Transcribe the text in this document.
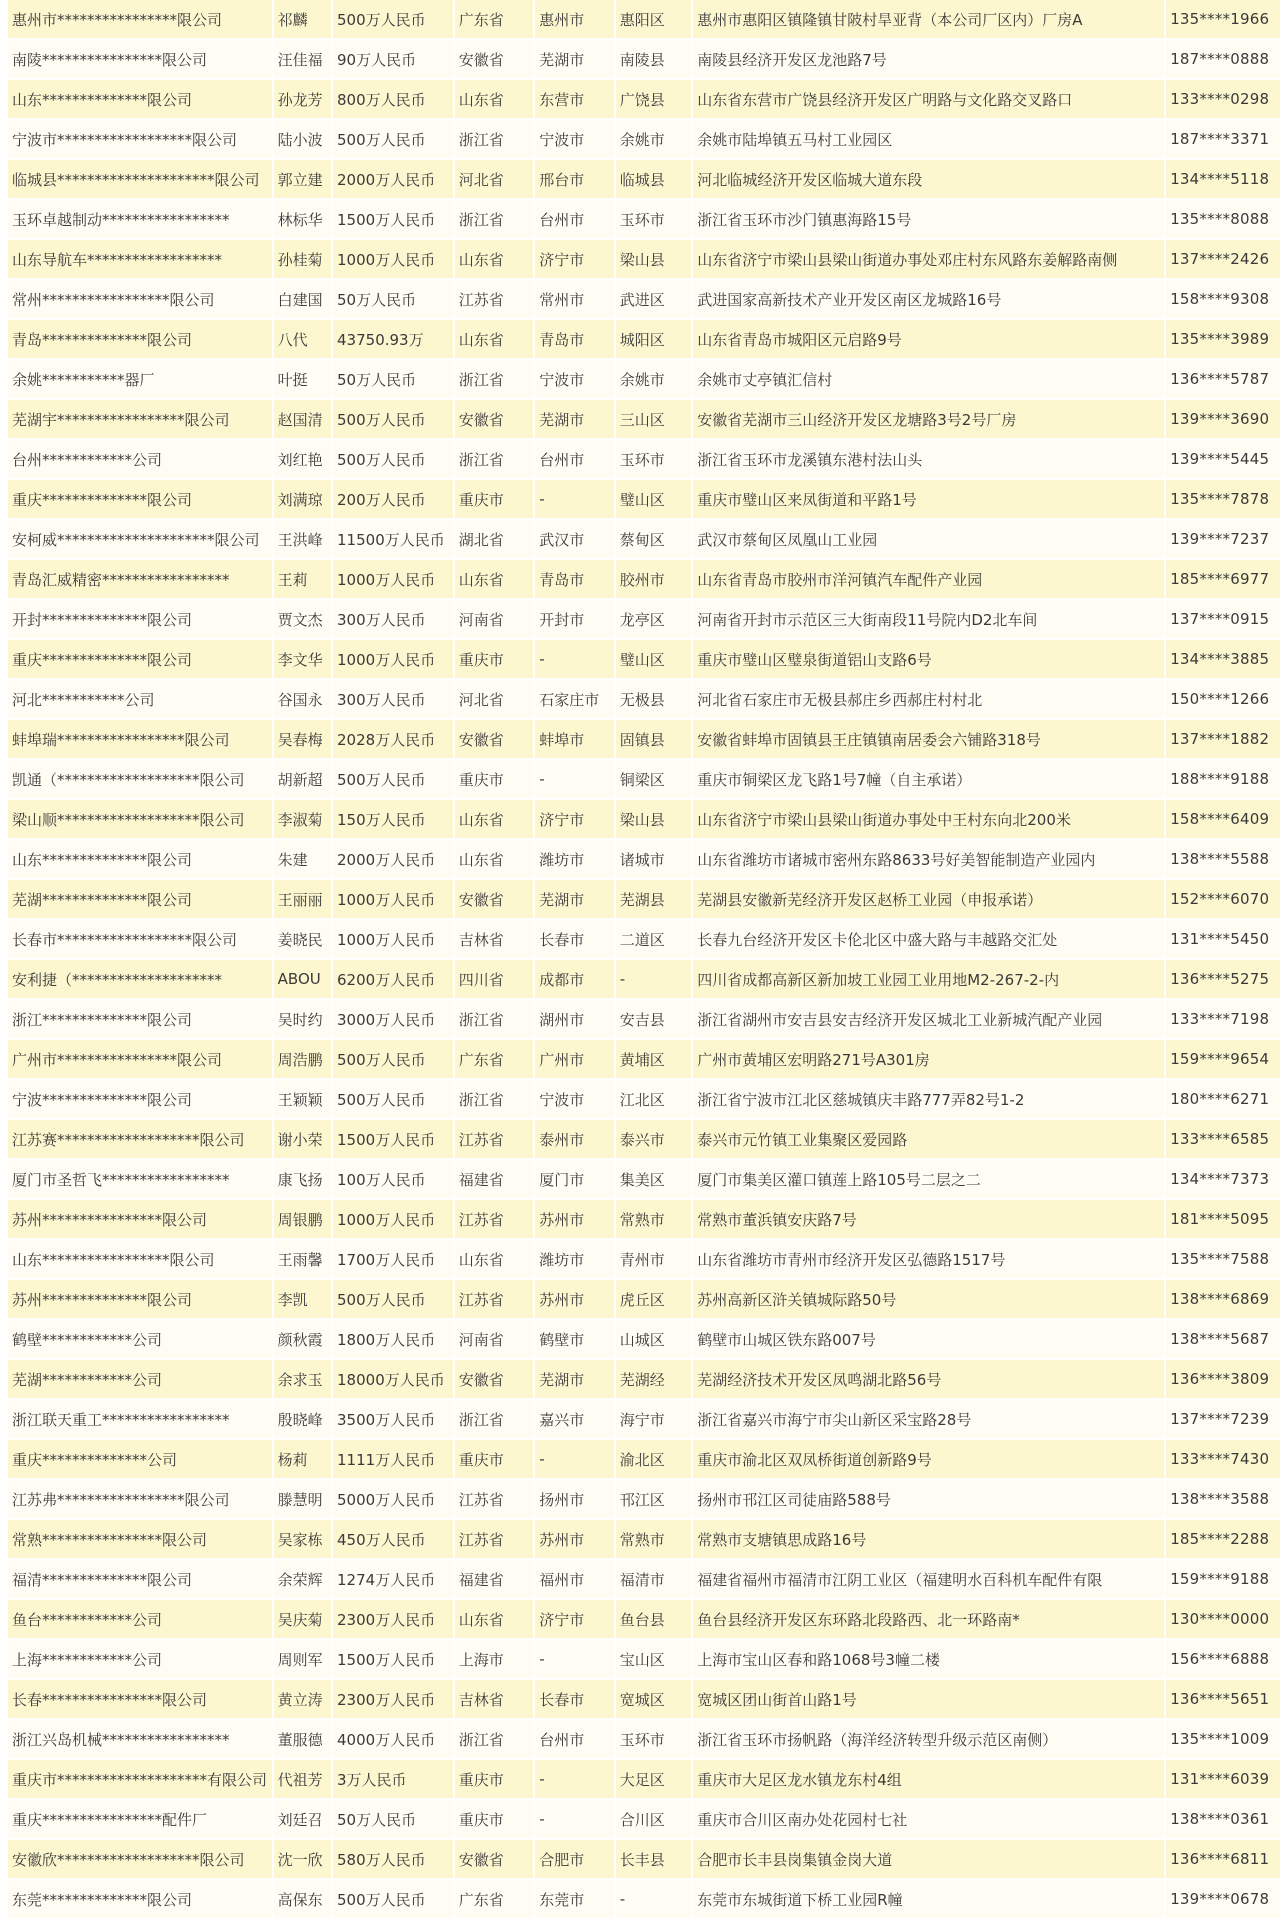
惠州市****************限公司	祁麟	500万人民币	广东省	惠州市	惠阳区	惠州市惠阳区镇隆镇甘陂村旱亚背（本公司厂区内）厂房A	135****1966
南陵****************限公司	汪佳福	90万人民币	安徽省	芜湖市	南陵县	南陵县经济开发区龙池路7号	187****0888
山东**************限公司	孙龙芳	800万人民币	山东省	东营市	广饶县	山东省东营市广饶县经济开发区广明路与文化路交叉路口	133****0298
宁波市******************限公司	陆小波	500万人民币	浙江省	宁波市	余姚市	余姚市陆埠镇五马村工业园区	187****3371
临城县*********************限公司	郭立建	2000万人民币	河北省	邢台市	临城县	河北临城经济开发区临城大道东段	134****5118
玉环卓越制动*****************	林标华	1500万人民币	浙江省	台州市	玉环市	浙江省玉环市沙门镇惠海路15号	135****8088
山东导航车******************	孙桂菊	1000万人民币	山东省	济宁市	梁山县	山东省济宁市梁山县梁山街道办事处邓庄村东风路东姜解路南侧	137****2426
常州*****************限公司	白建国	50万人民币	江苏省	常州市	武进区	武进国家高新技术产业开发区南区龙城路16号	158****9308
青岛**************限公司	八代	43750.93万	山东省	青岛市	城阳区	山东省青岛市城阳区元启路9号	135****3989
余姚***********器厂	叶挺	50万人民币	浙江省	宁波市	余姚市	余姚市丈亭镇汇信村	136****5787
芜湖宇*****************限公司	赵国清	500万人民币	安徽省	芜湖市	三山区	安徽省芜湖市三山经济开发区龙塘路3号2号厂房	139****3690
台州************公司	刘红艳	500万人民币	浙江省	台州市	玉环市	浙江省玉环市龙溪镇东港村法山头	139****5445
重庆**************限公司	刘满琼	200万人民币	重庆市	-	璧山区	重庆市璧山区来凤街道和平路1号	135****7878
安柯威*********************限公司	王洪峰	11500万人民币	湖北省	武汉市	蔡甸区	武汉市蔡甸区凤凰山工业园	139****7237
青岛汇威精密*****************	王莉	1000万人民币	山东省	青岛市	胶州市	山东省青岛市胶州市洋河镇汽车配件产业园	185****6977
开封**************限公司	贾文杰	300万人民币	河南省	开封市	龙亭区	河南省开封市示范区三大街南段11号院内D2北车间	137****0915
重庆**************限公司	李文华	1000万人民币	重庆市	-	璧山区	重庆市璧山区璧泉街道铝山支路6号	134****3885
河北***********公司	谷国永	300万人民币	河北省	石家庄市	无极县	河北省石家庄市无极县郝庄乡西郝庄村村北	150****1266
蚌埠瑞*****************限公司	吴春梅	2028万人民币	安徽省	蚌埠市	固镇县	安徽省蚌埠市固镇县王庄镇镇南居委会六铺路318号	137****1882
凯通（*******************限公司	胡新超	500万人民币	重庆市	-	铜梁区	重庆市铜梁区龙飞路1号7幢（自主承诺）	188****9188
梁山顺*******************限公司	李淑菊	150万人民币	山东省	济宁市	梁山县	山东省济宁市梁山县梁山街道办事处中王村东向北200米	158****6409
山东**************限公司	朱建	2000万人民币	山东省	潍坊市	诸城市	山东省潍坊市诸城市密州东路8633号好美智能制造产业园内	138****5588
芜湖**************限公司	王丽丽	1000万人民币	安徽省	芜湖市	芜湖县	芜湖县安徽新芜经济开发区赵桥工业园（申报承诺）	152****6070
长春市******************限公司	姜晓民	1000万人民币	吉林省	长春市	二道区	长春九台经济开发区卡伦北区中盛大路与丰越路交汇处	131****5450
安利捷（********************	ABOU	6200万人民币	四川省	成都市	-	四川省成都高新区新加坡工业园工业用地M2-267-2-内	136****5275
浙江**************限公司	吴时约	3000万人民币	浙江省	湖州市	安吉县	浙江省湖州市安吉县安吉经济开发区城北工业新城汽配产业园	133****7198
广州市****************限公司	周浩鹏	500万人民币	广东省	广州市	黄埔区	广州市黄埔区宏明路271号A301房	159****9654
宁波**************限公司	王颖颖	500万人民币	浙江省	宁波市	江北区	浙江省宁波市江北区慈城镇庆丰路777弄82号1-2	180****6271
江苏赛*******************限公司	谢小荣	1500万人民币	江苏省	泰州市	泰兴市	泰兴市元竹镇工业集聚区爱园路	133****6585
厦门市圣哲飞*****************	康飞扬	100万人民币	福建省	厦门市	集美区	厦门市集美区灌口镇莲上路105号二层之二	134****7373
苏州****************限公司	周银鹏	1000万人民币	江苏省	苏州市	常熟市	常熟市董浜镇安庆路7号	181****5095
山东*****************限公司	王雨馨	1700万人民币	山东省	潍坊市	青州市	山东省潍坊市青州市经济开发区弘德路1517号	135****7588
苏州**************限公司	李凯	500万人民币	江苏省	苏州市	虎丘区	苏州高新区浒关镇城际路50号	138****6869
鹤壁************公司	颜秋霞	1800万人民币	河南省	鹤壁市	山城区	鹤壁市山城区铁东路007号	138****5687
芜湖************公司	余求玉	18000万人民币	安徽省	芜湖市	芜湖经	芜湖经济技术开发区凤鸣湖北路56号	136****3809
浙江联天重工*****************	殷晓峰	3500万人民币	浙江省	嘉兴市	海宁市	浙江省嘉兴市海宁市尖山新区采宝路28号	137****7239
重庆**************公司	杨莉	1111万人民币	重庆市	-	渝北区	重庆市渝北区双凤桥街道创新路9号	133****7430
江苏弗*****************限公司	滕慧明	5000万人民币	江苏省	扬州市	邗江区	扬州市邗江区司徒庙路588号	138****3588
常熟****************限公司	吴家栋	450万人民币	江苏省	苏州市	常熟市	常熟市支塘镇思成路16号	185****2288
福清**************限公司	余荣辉	1274万人民币	福建省	福州市	福清市	福建省福州市福清市江阴工业区（福建明水百科机车配件有限	159****9188
鱼台************公司	吴庆菊	2300万人民币	山东省	济宁市	鱼台县	鱼台县经济开发区东环路北段路西、北一环路南*	130****0000
上海************公司	周则军	1500万人民币	上海市	-	宝山区	上海市宝山区春和路1068号3幢二楼	156****6888
长春****************限公司	黄立涛	2300万人民币	吉林省	长春市	宽城区	宽城区团山街首山路1号	136****5651
浙江兴岛机械*****************	董服德	4000万人民币	浙江省	台州市	玉环市	浙江省玉环市扬帆路（海洋经济转型升级示范区南侧）	135****1009
重庆市********************有限公司	代祖芳	3万人民币	重庆市	-	大足区	重庆市大足区龙水镇龙东村4组	131****6039
重庆****************配件厂	刘廷召	50万人民币	重庆市	-	合川区	重庆市合川区南办处花园村七社	138****0361
安徽欣*******************限公司	沈一欣	580万人民币	安徽省	合肥市	长丰县	合肥市长丰县岗集镇金岗大道	136****6811
东莞**************限公司	高保东	500万人民币	广东省	东莞市	-	东莞市东城街道下桥工业园R幢	139****0678
